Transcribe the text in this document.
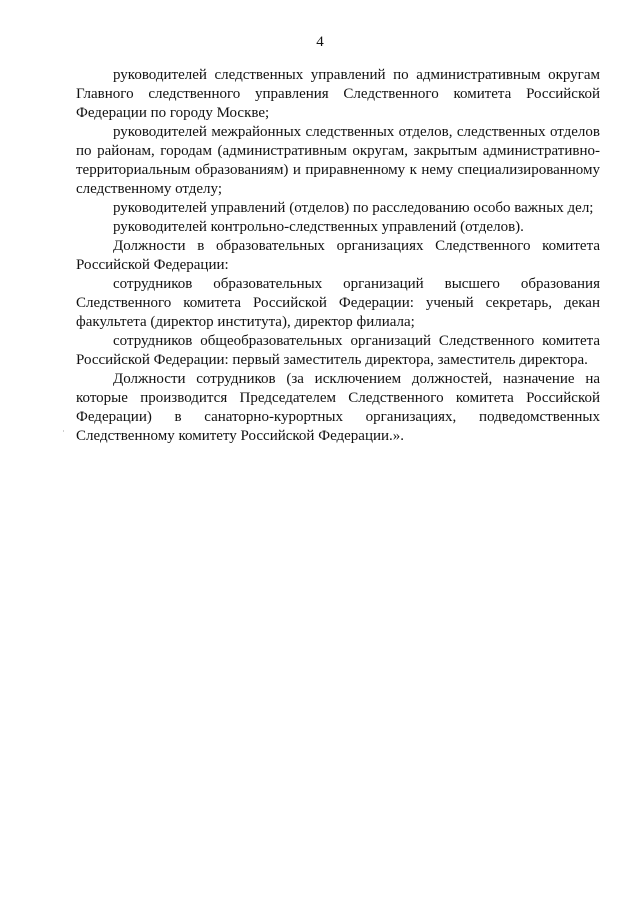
4

руководителей следственных управлений по административным округам Главного следственного управления Следственного комитета Российской Федерации по городу Москве;

руководителей межрайонных следственных отделов, следственных отделов по районам, городам (административным округам, закрытым административно-территориальным образованиям) и приравненному к нему специализированному следственному отделу;

руководителей управлений (отделов) по расследованию особо важных дел;

руководителей контрольно-следственных управлений (отделов).

Должности в образовательных организациях Следственного комитета Российской Федерации:

сотрудников образовательных организаций высшего образования Следственного комитета Российской Федерации: ученый секретарь, декан факультета (директор института), директор филиала;

сотрудников общеобразовательных организаций Следственного комитета Российской Федерации: первый заместитель директора, заместитель директора.

Должности сотрудников (за исключением должностей, назначение на которые производится Председателем Следственного комитета Российской Федерации) в санаторно-курортных организациях, подведомственных Следственному комитету Российской Федерации.».
